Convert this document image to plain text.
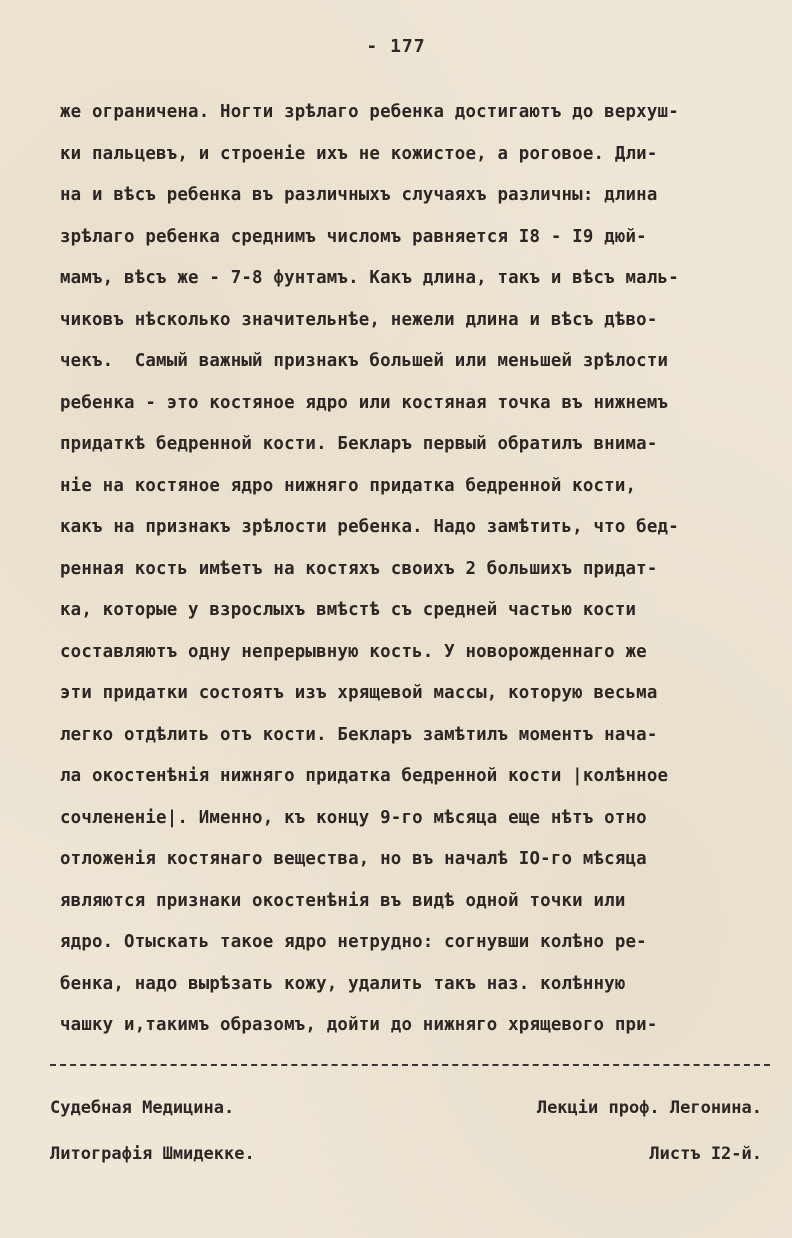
- 177
же ограничена. Ногти зрѣлаго ребенка достигаютъ до верхуш-
ки пальцевъ, и строеніе ихъ не кожистое, а роговое. Дли-
на и вѣсъ ребенка въ различныхъ случаяхъ различны: длина
зрѣлаго ребенка среднимъ числомъ равняется I8 - I9 дюй-
мамъ, вѣсъ же - 7-8 фунтамъ. Какъ длина, такъ и вѣсъ маль-
чиковъ нѣсколько значительнѣе, нежели длина и вѣсъ дѣво-
чекъ.  Самый важный признакъ большей или меньшей зрѣлости
ребенка - это костяное ядро или костяная точка въ нижнемъ
придаткѣ бедренной кости. Бекларъ первый обратилъ внима-
ніе на костяное ядро нижняго придатка бедренной кости,
какъ на признакъ зрѣлости ребенка. Надо замѣтить, что бед-
ренная кость имѣетъ на костяхъ своихъ 2 большихъ придат-
ка, которые у взрослыхъ вмѣстѣ съ средней частью кости
составляютъ одну непрерывную кость. У новорожденнаго же
эти придатки состоятъ изъ хрящевой массы, которую весьма
легко отдѣлить отъ кости. Бекларъ замѣтилъ моментъ нача-
ла окостенѣнія нижняго придатка бедренной кости |колѣнное
сочлененіе|. Именно, къ концу 9-го мѣсяца еще нѣтъ отно
отложенія костянаго вещества, но въ началѣ IO-го мѣсяца
являются признаки окостенѣнія въ видѣ одной точки или
ядро. Отыскать такое ядро нетрудно: согнувши колѣно ре-
бенка, надо вырѣзать кожу, удалить такъ наз. колѣнную
чашку и,такимъ образомъ, дойти до нижняго хрящевого при-
Судебная Медицина.	Лекціи проф. Легонина.
Литографія Шмидекке.	Листъ I2-й.
